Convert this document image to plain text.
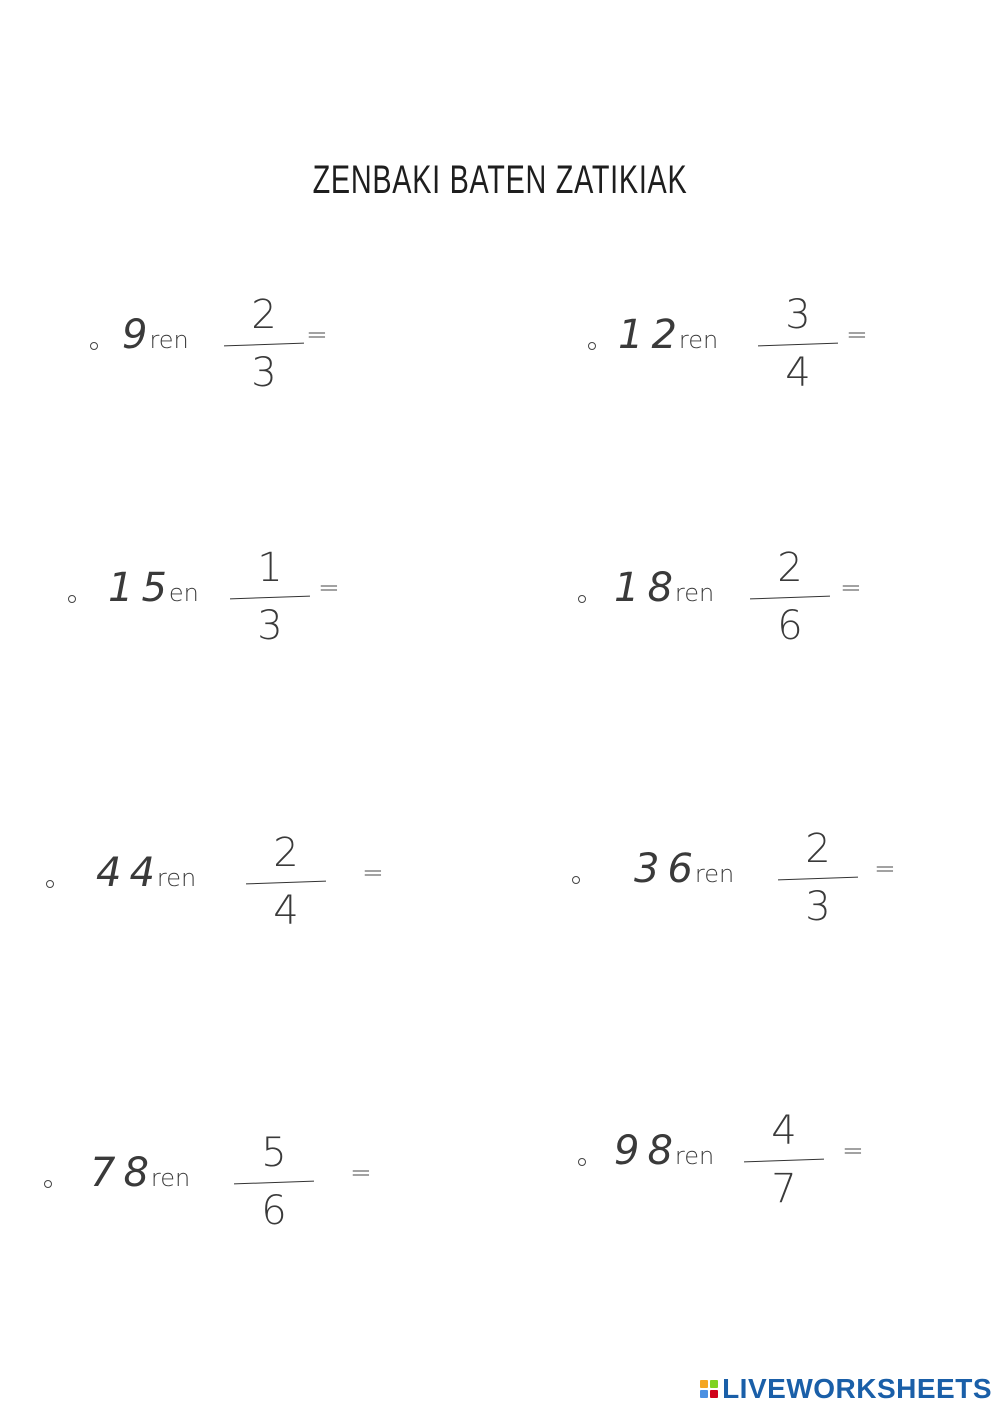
ZENBAKI BATEN ZATIKIAK
9ren
2
3
=	12ren
3
4
=
15en
1
3
=	18ren
2
6
=
44ren
2
4
=	36ren
2
3
=
78ren
5
6
=	98ren
4
7
=
LIVEWORKSHEETS
